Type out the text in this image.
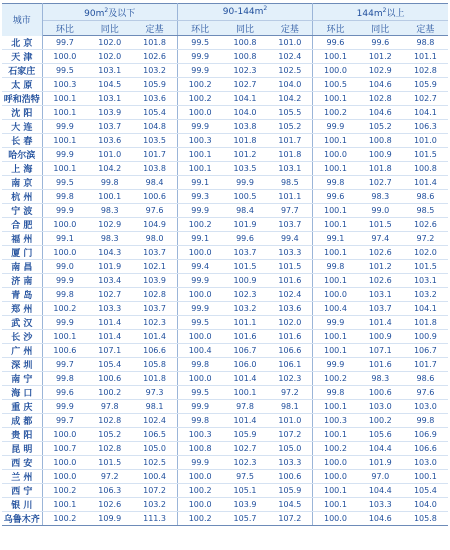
城市	$90m^2$及以下			$90-144m^2$			$144m^2$以上		
	环比	同比	定基	环比	同比	定基	环比	同比	定基
北 京	99.7	102.0	101.8	99.5	100.8	101.0	99.6	99.6	98.8
天 津	100.0	102.0	102.6	99.9	100.8	102.4	100.1	101.2	101.1
石家庄	99.5	103.1	103.2	99.9	102.3	102.5	100.0	102.9	102.8
太 原	100.3	104.5	105.9	100.2	102.7	104.0	100.5	104.6	105.9
呼和浩特	100.1	103.1	103.6	100.2	104.1	104.2	100.1	102.8	102.7
沈 阳	100.1	103.9	105.4	100.0	104.0	105.5	100.2	104.6	104.1
大 连	99.9	103.7	104.8	99.9	103.8	105.2	99.9	105.2	106.3
长 春	100.1	103.6	103.5	100.3	101.8	101.7	100.1	100.8	101.0
哈尔滨	99.9	101.0	101.7	100.1	101.2	101.8	100.0	100.9	101.5
上 海	100.1	104.2	103.8	100.1	103.5	103.1	100.1	101.8	100.8
南 京	99.5	99.8	98.4	99.1	99.9	98.5	99.8	102.7	101.4
杭 州	99.8	100.1	100.6	99.3	100.5	101.1	99.6	98.3	98.6
宁 波	99.9	98.3	97.6	99.9	98.4	97.7	100.1	99.0	98.5
合 肥	100.0	102.9	104.9	100.2	101.9	103.7	100.1	101.5	102.6
福 州	99.1	98.3	98.0	99.1	99.6	99.4	99.1	97.4	97.2
厦 门	100.0	104.3	103.7	100.0	103.7	103.3	100.1	102.6	102.0
南 昌	99.0	101.9	102.1	99.4	101.5	101.5	99.8	101.2	101.5
济 南	99.9	103.4	103.9	99.9	100.9	101.6	100.1	102.6	103.1
青 岛	99.8	102.7	102.8	100.0	102.3	102.4	100.0	103.1	103.2
郑 州	100.2	103.3	103.7	99.9	103.2	103.6	100.4	103.7	104.1
武 汉	99.9	101.4	102.3	99.5	101.1	102.0	99.9	101.4	101.8
长 沙	100.1	101.4	101.4	100.0	101.6	101.6	100.1	100.9	100.9
广 州	100.6	107.1	106.6	100.4	106.7	106.6	100.1	107.1	106.7
深 圳	99.7	105.4	105.8	99.8	106.0	106.1	99.9	101.6	101.7
南 宁	99.8	100.6	101.8	100.0	101.4	102.3	100.2	98.3	98.6
海 口	99.6	100.2	97.3	99.5	100.1	97.2	99.8	100.6	97.6
重 庆	99.9	97.8	98.1	99.9	97.8	98.1	100.1	103.0	103.0
成 都	99.7	102.8	102.4	99.8	101.4	101.0	100.3	100.2	99.8
贵 阳	100.0	105.2	106.5	100.3	105.9	107.2	100.1	105.6	106.9
昆 明	100.7	102.8	105.0	100.8	102.7	105.0	100.2	104.4	106.6
西 安	100.0	101.5	102.5	99.9	102.3	103.3	100.0	101.9	103.0
兰 州	100.0	97.2	100.4	100.0	97.5	100.6	100.0	97.0	100.1
西 宁	100.2	106.3	107.2	100.2	105.1	105.9	100.1	104.4	105.4
银 川	100.1	102.6	103.2	100.0	103.9	104.5	100.1	103.3	104.0
乌鲁木齐	100.2	109.9	111.3	100.2	105.7	107.2	100.0	104.6	105.8
